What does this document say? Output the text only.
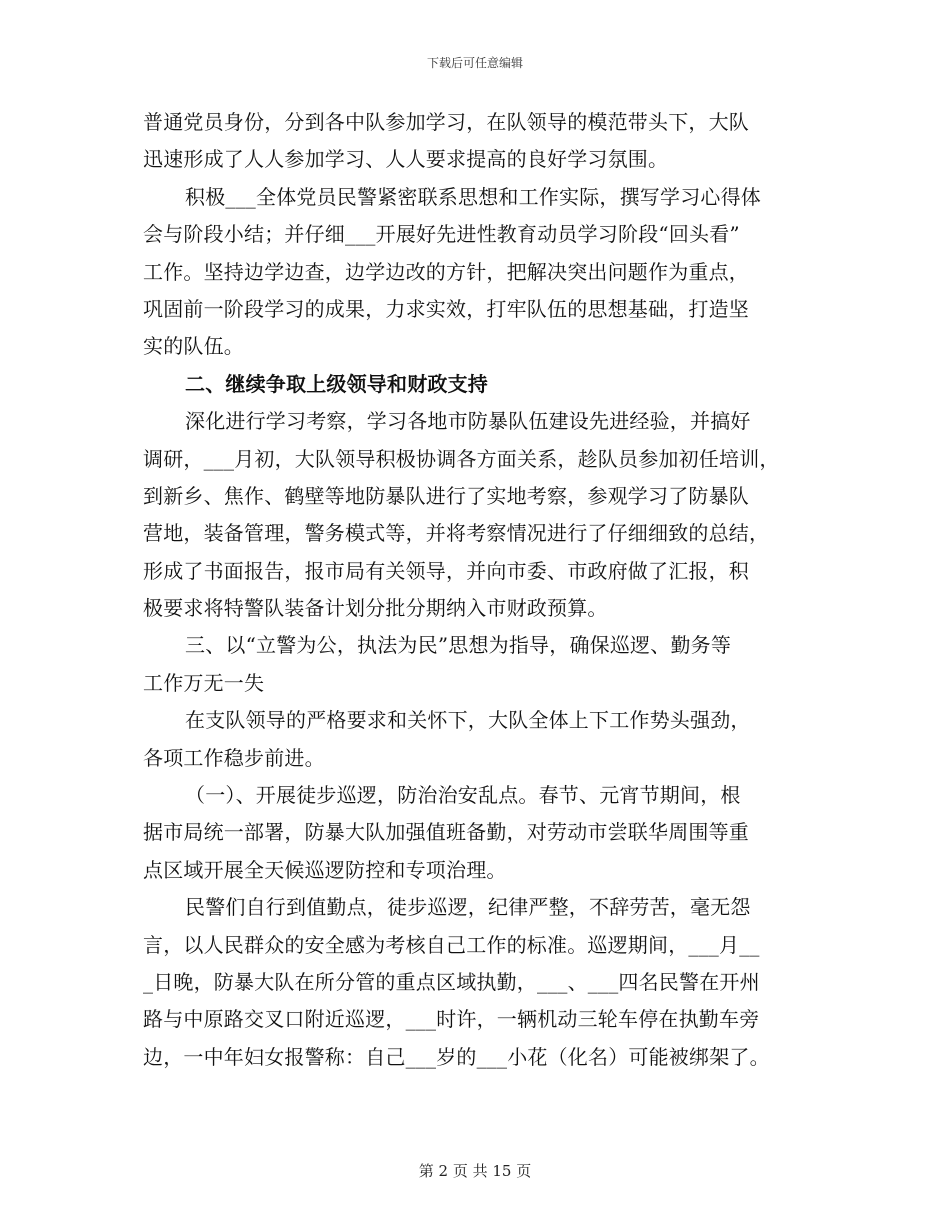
下载后可任意编辑
普通党员身份，分到各中队参加学习，在队领导的模范带头下，大队
迅速形成了人人参加学习、人人要求提高的良好学习氛围。
积极___全体党员民警紧密联系思想和工作实际，撰写学习心得体
会与阶段小结；并仔细___开展好先进性教育动员学习阶段“回头看”
工作。坚持边学边查，边学边改的方针，把解决突出问题作为重点，
巩固前一阶段学习的成果，力求实效，打牢队伍的思想基础，打造坚
实的队伍。
二、继续争取上级领导和财政支持
深化进行学习考察，学习各地市防暴队伍建设先进经验，并搞好
调研，___月初，大队领导积极协调各方面关系，趁队员参加初任培训，
到新乡、焦作、鹤壁等地防暴队进行了实地考察，参观学习了防暴队
营地，装备管理，警务模式等，并将考察情况进行了仔细细致的总结，
形成了书面报告，报市局有关领导，并向市委、市政府做了汇报，积
极要求将特警队装备计划分批分期纳入市财政预算。
三、以“立警为公，执法为民”思想为指导，确保巡逻、勤务等
工作万无一失
在支队领导的严格要求和关怀下，大队全体上下工作势头强劲，
各项工作稳步前进。
（一）、开展徒步巡逻，防治治安乱点。春节、元宵节期间，根
据市局统一部署，防暴大队加强值班备勤，对劳动市尝联华周围等重
点区域开展全天候巡逻防控和专项治理。
民警们自行到值勤点，徒步巡逻，纪律严整，不辞劳苦，毫无怨
言，以人民群众的安全感为考核自己工作的标准。巡逻期间，___月__
_日晚，防暴大队在所分管的重点区域执勤，___、___四名民警在开州
路与中原路交叉口附近巡逻，___时许，一辆机动三轮车停在执勤车旁
边，一中年妇女报警称：自己___岁的___小花（化名）可能被绑架了。
第 2 页 共 15 页
